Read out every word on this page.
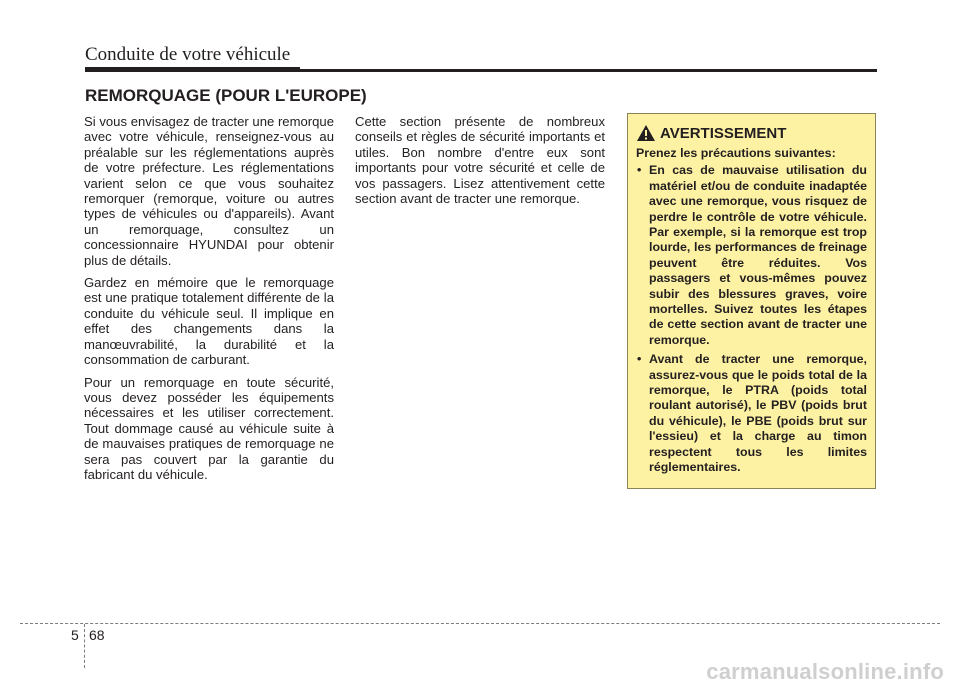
Conduite de votre véhicule
REMORQUAGE (POUR L'EUROPE)

Si vous envisagez de tracter une remorque avec votre véhicule, renseignez-vous au préalable sur les réglementations auprès de votre préfecture. Les réglementations varient selon ce que vous souhaitez remorquer (remorque, voiture ou autres types de véhicules ou d'appareils). Avant un remorquage, consultez un concessionnaire HYUNDAI pour obtenir plus de détails.

Gardez en mémoire que le remorquage est une pratique totalement différente de la conduite du véhicule seul. Il implique en effet des changements dans la manœuvrabilité, la durabilité et la consommation de carburant.

Pour un remorquage en toute sécurité, vous devez posséder les équipements nécessaires et les utiliser correctement. Tout dommage causé au véhicule suite à de mauvaises pratiques de remorquage ne sera pas couvert par la garantie du fabricant du véhicule.

Cette section présente de nombreux conseils et règles de sécurité importants et utiles. Bon nombre d'entre eux sont importants pour votre sécurité et celle de vos passagers. Lisez attentivement cette section avant de tracter une remorque.

AVERTISSEMENT
Prenez les précautions suivantes:
• En cas de mauvaise utilisation du matériel et/ou de conduite inadaptée avec une remorque, vous risquez de perdre le contrôle de votre véhicule. Par exemple, si la remorque est trop lourde, les performances de freinage peuvent être réduites. Vos passagers et vous-mêmes pouvez subir des blessures graves, voire mortelles. Suivez toutes les étapes de cette section avant de tracter une remorque.
• Avant de tracter une remorque, assurez-vous que le poids total de la remorque, le PTRA (poids total roulant autorisé), le PBV (poids brut du véhicule), le PBE (poids brut sur l'essieu) et la charge au timon respectent tous les limites réglementaires.
5 68
carmanualsonline.info
